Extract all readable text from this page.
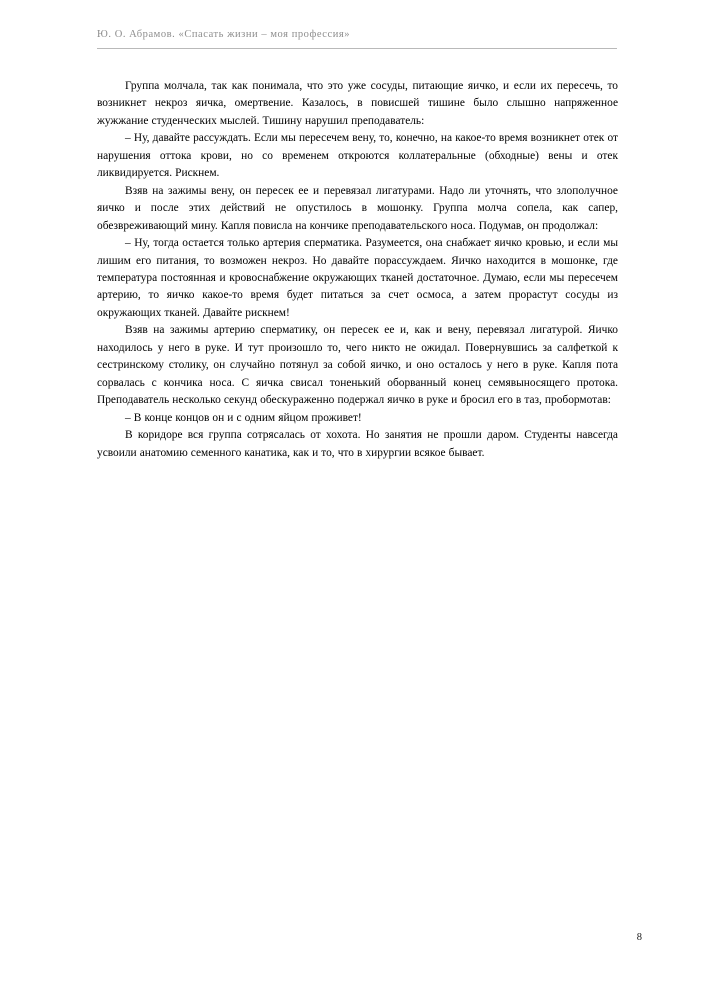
Ю. О. Абрамов. «Спасать жизни – моя профессия»

Группа молчала, так как понимала, что это уже сосуды, питающие яичко, и если их пересечь, то возникнет некроз яичка, омертвение. Казалось, в повисшей тишине было слышно напряженное жужжание студенческих мыслей. Тишину нарушил преподаватель:

– Ну, давайте рассуждать. Если мы пересечем вену, то, конечно, на какое-то время возникнет отек от нарушения оттока крови, но со временем откроются коллатеральные (обходные) вены и отек ликвидируется. Рискнем.

Взяв на зажимы вену, он пересек ее и перевязал лигатурами. Надо ли уточнять, что злополучное яичко и после этих действий не опустилось в мошонку. Группа молча сопела, как сапер, обезвреживающий мину. Капля повисла на кончике преподавательского носа. Подумав, он продолжал:

– Ну, тогда остается только артерия сперматика. Разумеется, она снабжает яичко кровью, и если мы лишим его питания, то возможен некроз. Но давайте порассуждаем. Яичко находится в мошонке, где температура постоянная и кровоснабжение окружающих тканей достаточное. Думаю, если мы пересечем артерию, то яичко какое-то время будет питаться за счет осмоса, а затем прорастут сосуды из окружающих тканей. Давайте рискнем!

Взяв на зажимы артерию сперматику, он пересек ее и, как и вену, перевязал лигатурой. Яичко находилось у него в руке. И тут произошло то, чего никто не ожидал. Повернувшись за салфеткой к сестринскому столику, он случайно потянул за собой яичко, и оно осталось у него в руке. Капля пота сорвалась с кончика носа. С яичка свисал тоненький оборванный конец семявыносящего протока. Преподаватель несколько секунд обескураженно подержал яичко в руке и бросил его в таз, пробормотав:

– В конце концов он и с одним яйцом проживет!

В коридоре вся группа сотрясалась от хохота. Но занятия не прошли даром. Студенты навсегда усвоили анатомию семенного канатика, как и то, что в хирургии всякое бывает.

8
